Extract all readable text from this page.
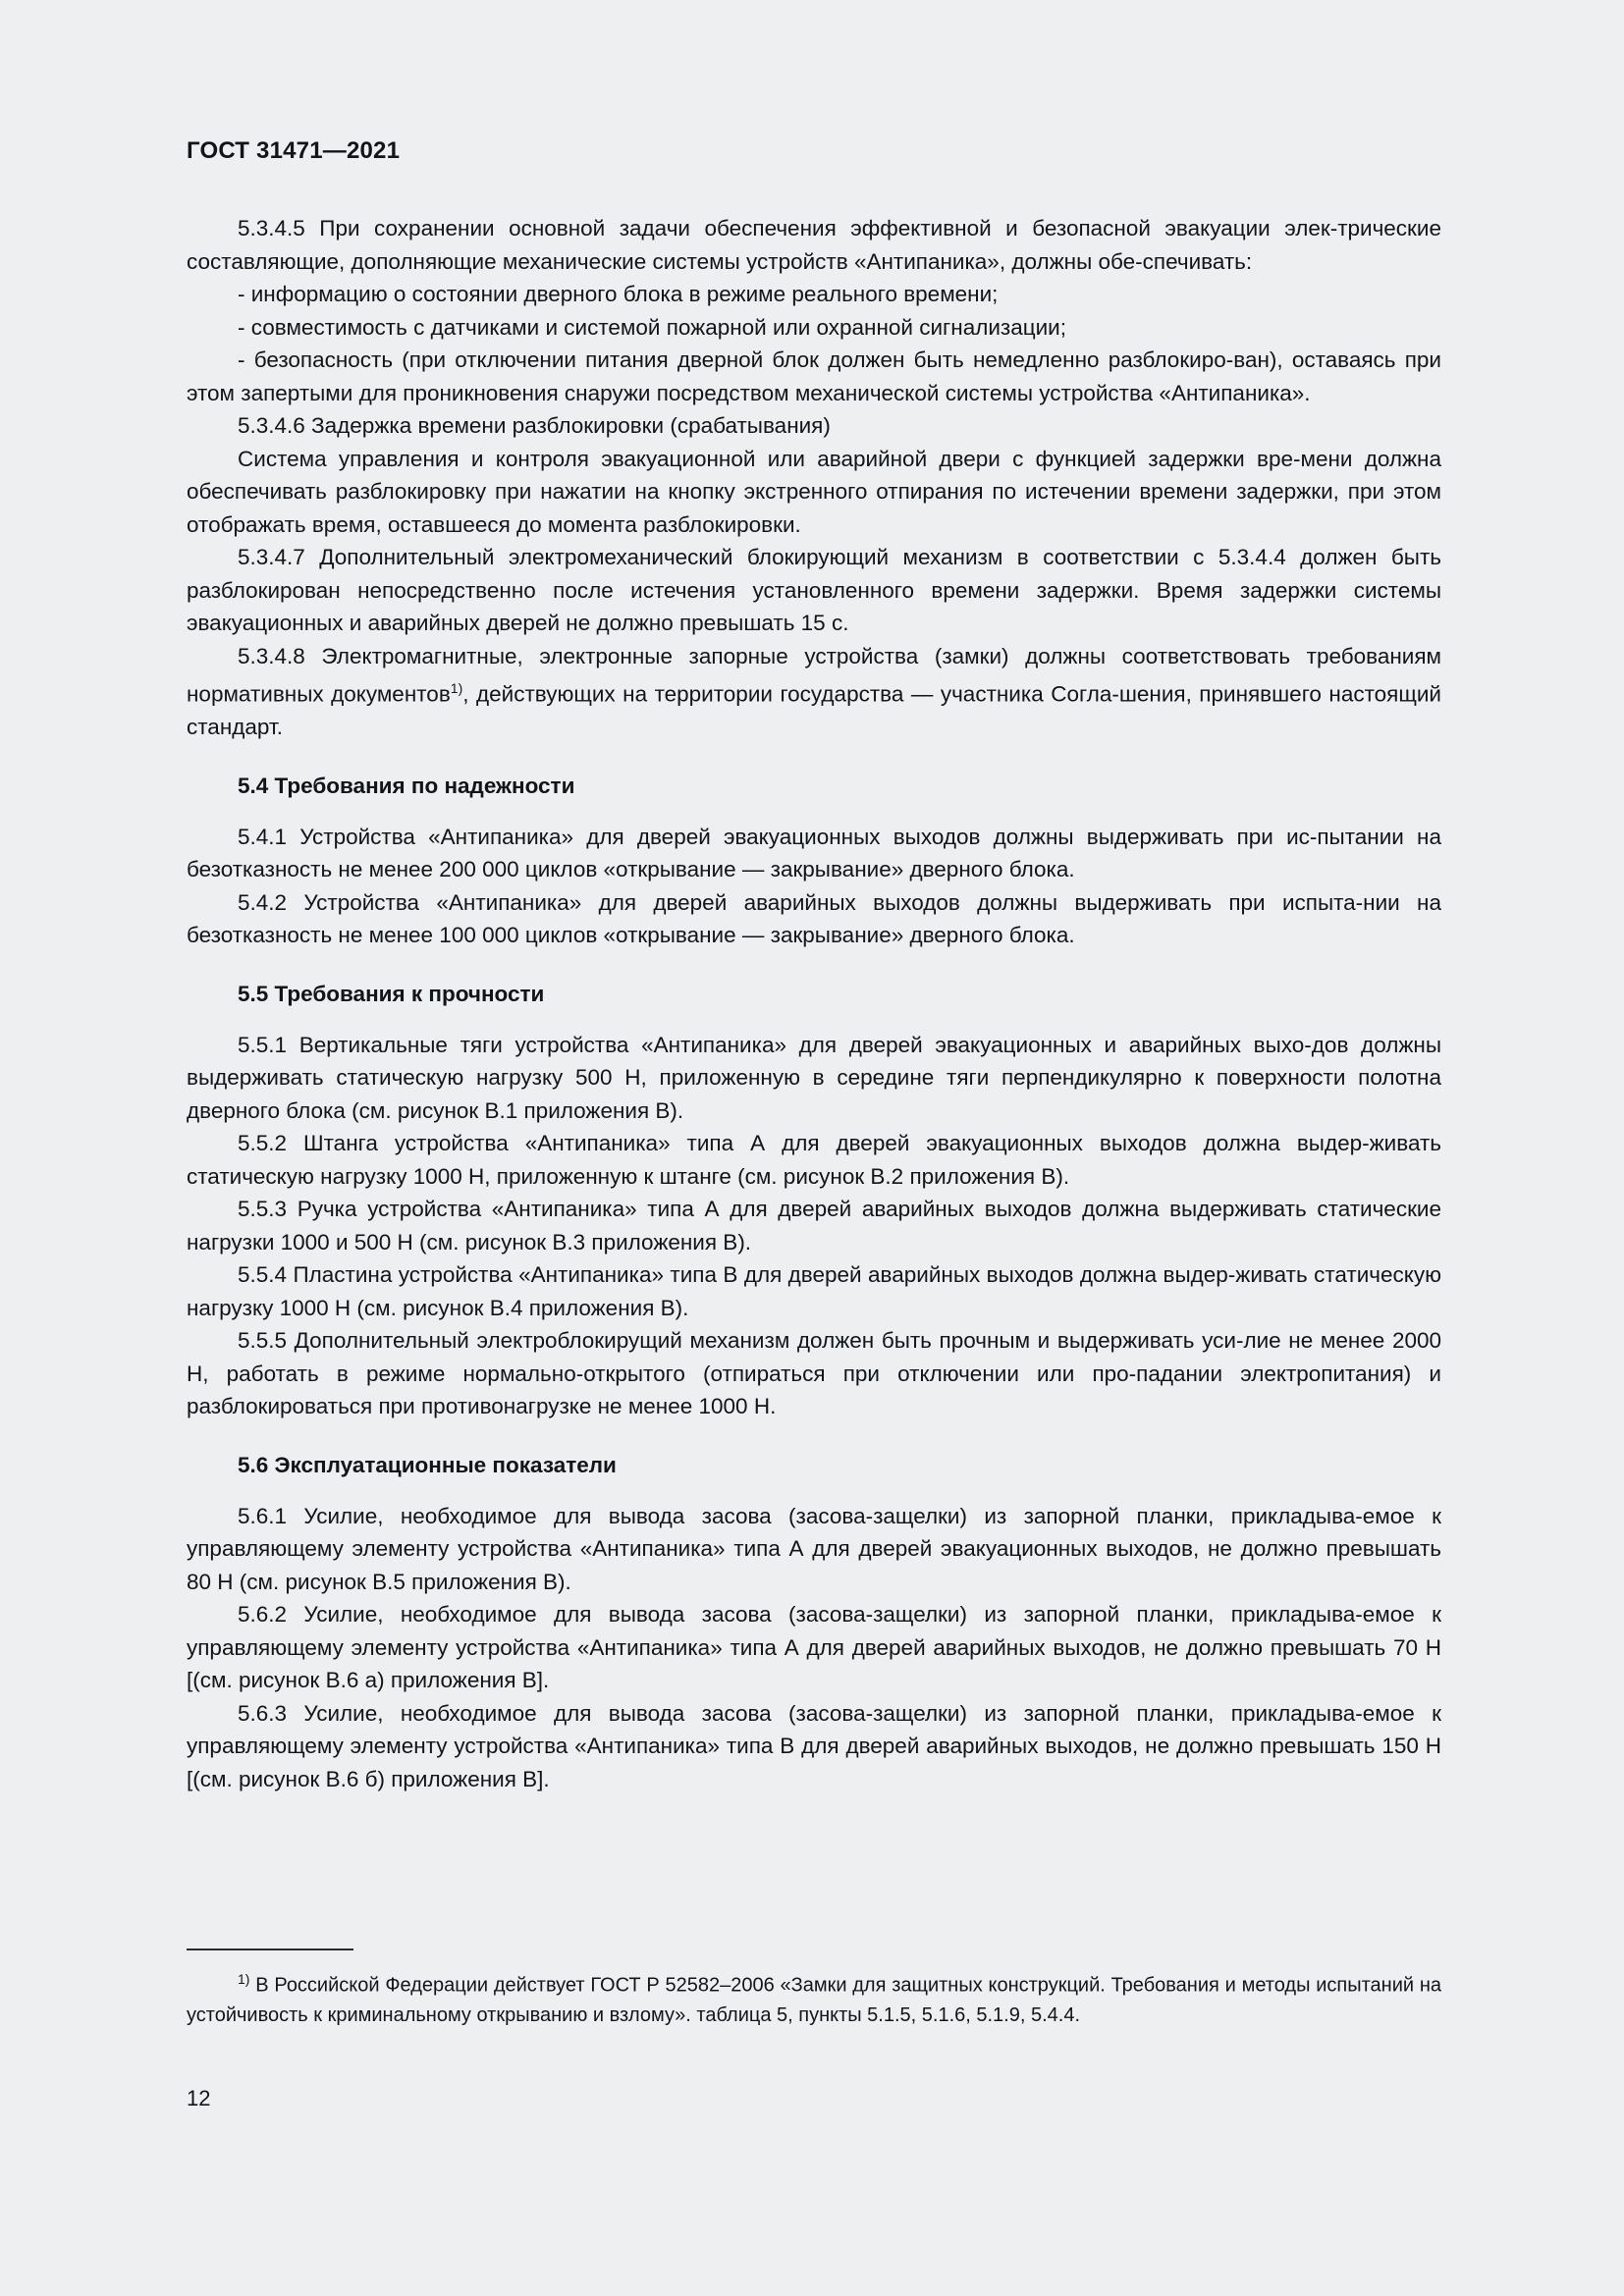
ГОСТ 31471—2021

5.3.4.5 При сохранении основной задачи обеспечения эффективной и безопасной эвакуации элек-трические составляющие, дополняющие механические системы устройств «Антипаника», должны обе-спечивать:

- информацию о состоянии дверного блока в режиме реального времени;

- совместимость с датчиками и системой пожарной или охранной сигнализации;

- безопасность (при отключении питания дверной блок должен быть немедленно разблокиро-ван), оставаясь при этом запертыми для проникновения снаружи посредством механической системы устройства «Антипаника».

5.3.4.6 Задержка времени разблокировки (срабатывания)

Система управления и контроля эвакуационной или аварийной двери с функцией задержки вре-мени должна обеспечивать разблокировку при нажатии на кнопку экстренного отпирания по истечении времени задержки, при этом отображать время, оставшееся до момента разблокировки.

5.3.4.7 Дополнительный электромеханический блокирующий механизм в соответствии с 5.3.4.4 должен быть разблокирован непосредственно после истечения установленного времени задержки. Время задержки системы эвакуационных и аварийных дверей не должно превышать 15 с.

5.3.4.8 Электромагнитные, электронные запорные устройства (замки) должны соответствовать требованиям нормативных документов$^{1)}$, действующих на территории государства — участника Согла-шения, принявшего настоящий стандарт.

5.4 Требования по надежности

5.4.1 Устройства «Антипаника» для дверей эвакуационных выходов должны выдерживать при ис-пытании на безотказность не менее 200 000 циклов «открывание — закрывание» дверного блока.

5.4.2 Устройства «Антипаника» для дверей аварийных выходов должны выдерживать при испыта-нии на безотказность не менее 100 000 циклов «открывание — закрывание» дверного блока.

5.5 Требования к прочности

5.5.1 Вертикальные тяги устройства «Антипаника» для дверей эвакуационных и аварийных выхо-дов должны выдерживать статическую нагрузку 500 Н, приложенную в середине тяги перпендикулярно к поверхности полотна дверного блока (см. рисунок В.1 приложения В).

5.5.2 Штанга устройства «Антипаника» типа А для дверей эвакуационных выходов должна выдер-живать статическую нагрузку 1000 Н, приложенную к штанге (см. рисунок В.2 приложения В).

5.5.3 Ручка устройства «Антипаника» типа А для дверей аварийных выходов должна выдерживать статические нагрузки 1000 и 500 Н (см. рисунок В.3 приложения В).

5.5.4 Пластина устройства «Антипаника» типа В для дверей аварийных выходов должна выдер-живать статическую нагрузку 1000 Н (см. рисунок В.4 приложения В).

5.5.5 Дополнительный электроблокирущий механизм должен быть прочным и выдерживать уси-лие не менее 2000 Н, работать в режиме нормально-открытого (отпираться при отключении или про-падании электропитания) и разблокироваться при противонагрузке не менее 1000 Н.

5.6 Эксплуатационные показатели

5.6.1 Усилие, необходимое для вывода засова (засова-защелки) из запорной планки, прикладыва-емое к управляющему элементу устройства «Антипаника» типа А для дверей эвакуационных выходов, не должно превышать 80 Н (см. рисунок В.5 приложения В).

5.6.2 Усилие, необходимое для вывода засова (засова-защелки) из запорной планки, прикладыва-емое к управляющему элементу устройства «Антипаника» типа А для дверей аварийных выходов, не должно превышать 70 Н [(см. рисунок В.6 а) приложения В].

5.6.3 Усилие, необходимое для вывода засова (засова-защелки) из запорной планки, прикладыва-емое к управляющему элементу устройства «Антипаника» типа В для дверей аварийных выходов, не должно превышать 150 Н [(см. рисунок В.6 б) приложения В].

$^{1)}$ В Российской Федерации действует ГОСТ Р 52582–2006 «Замки для защитных конструкций. Требования и методы испытаний на устойчивость к криминальному открыванию и взлому». таблица 5, пункты 5.1.5, 5.1.6, 5.1.9, 5.4.4.
12
